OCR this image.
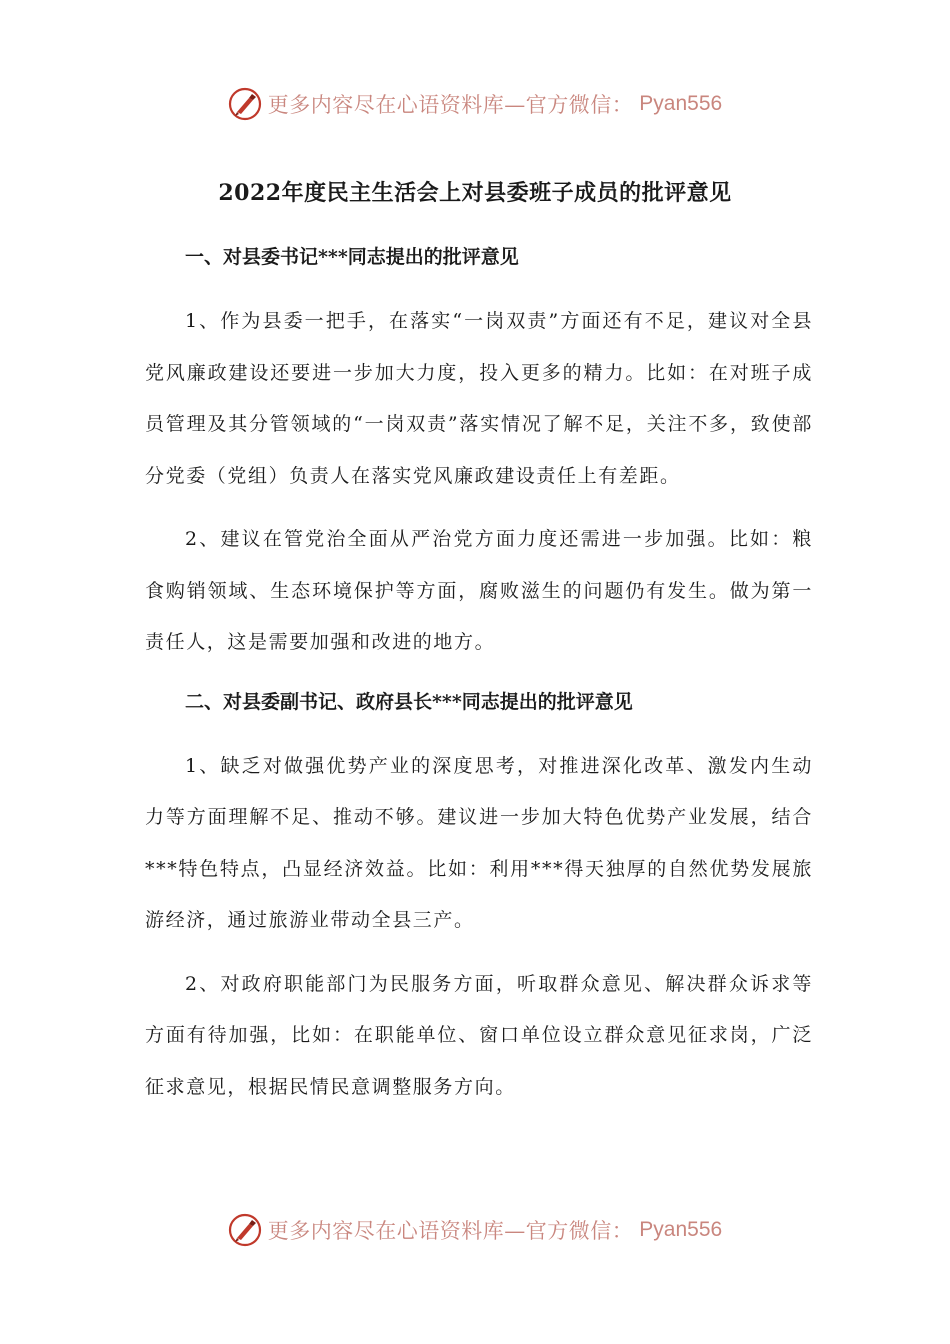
更多内容尽在心语资料库—官方微信： Pyan556
2022年度民主生活会上对县委班子成员的批评意见
一、对县委书记***同志提出的批评意见

1、作为县委一把手，在落实“一岗双责”方面还有不足，建议对全县党风廉政建设还要进一步加大力度，投入更多的精力。比如：在对班子成员管理及其分管领域的“一岗双责”落实情况了解不足，关注不多，致使部分党委（党组）负责人在落实党风廉政建设责任上有差距。

2、建议在管党治全面从严治党方面力度还需进一步加强。比如：粮食购销领域、生态环境保护等方面，腐败滋生的问题仍有发生。做为第一责任人，这是需要加强和改进的地方。

二、对县委副书记、政府县长***同志提出的批评意见

1、缺乏对做强优势产业的深度思考，对推进深化改革、激发内生动力等方面理解不足、推动不够。建议进一步加大特色优势产业发展，结合***特色特点，凸显经济效益。比如：利用***得天独厚的自然优势发展旅游经济，通过旅游业带动全县三产。

2、对政府职能部门为民服务方面，听取群众意见、解决群众诉求等方面有待加强，比如：在职能单位、窗口单位设立群众意见征求岗，广泛征求意见，根据民情民意调整服务方向。

更多内容尽在心语资料库—官方微信： Pyan556
